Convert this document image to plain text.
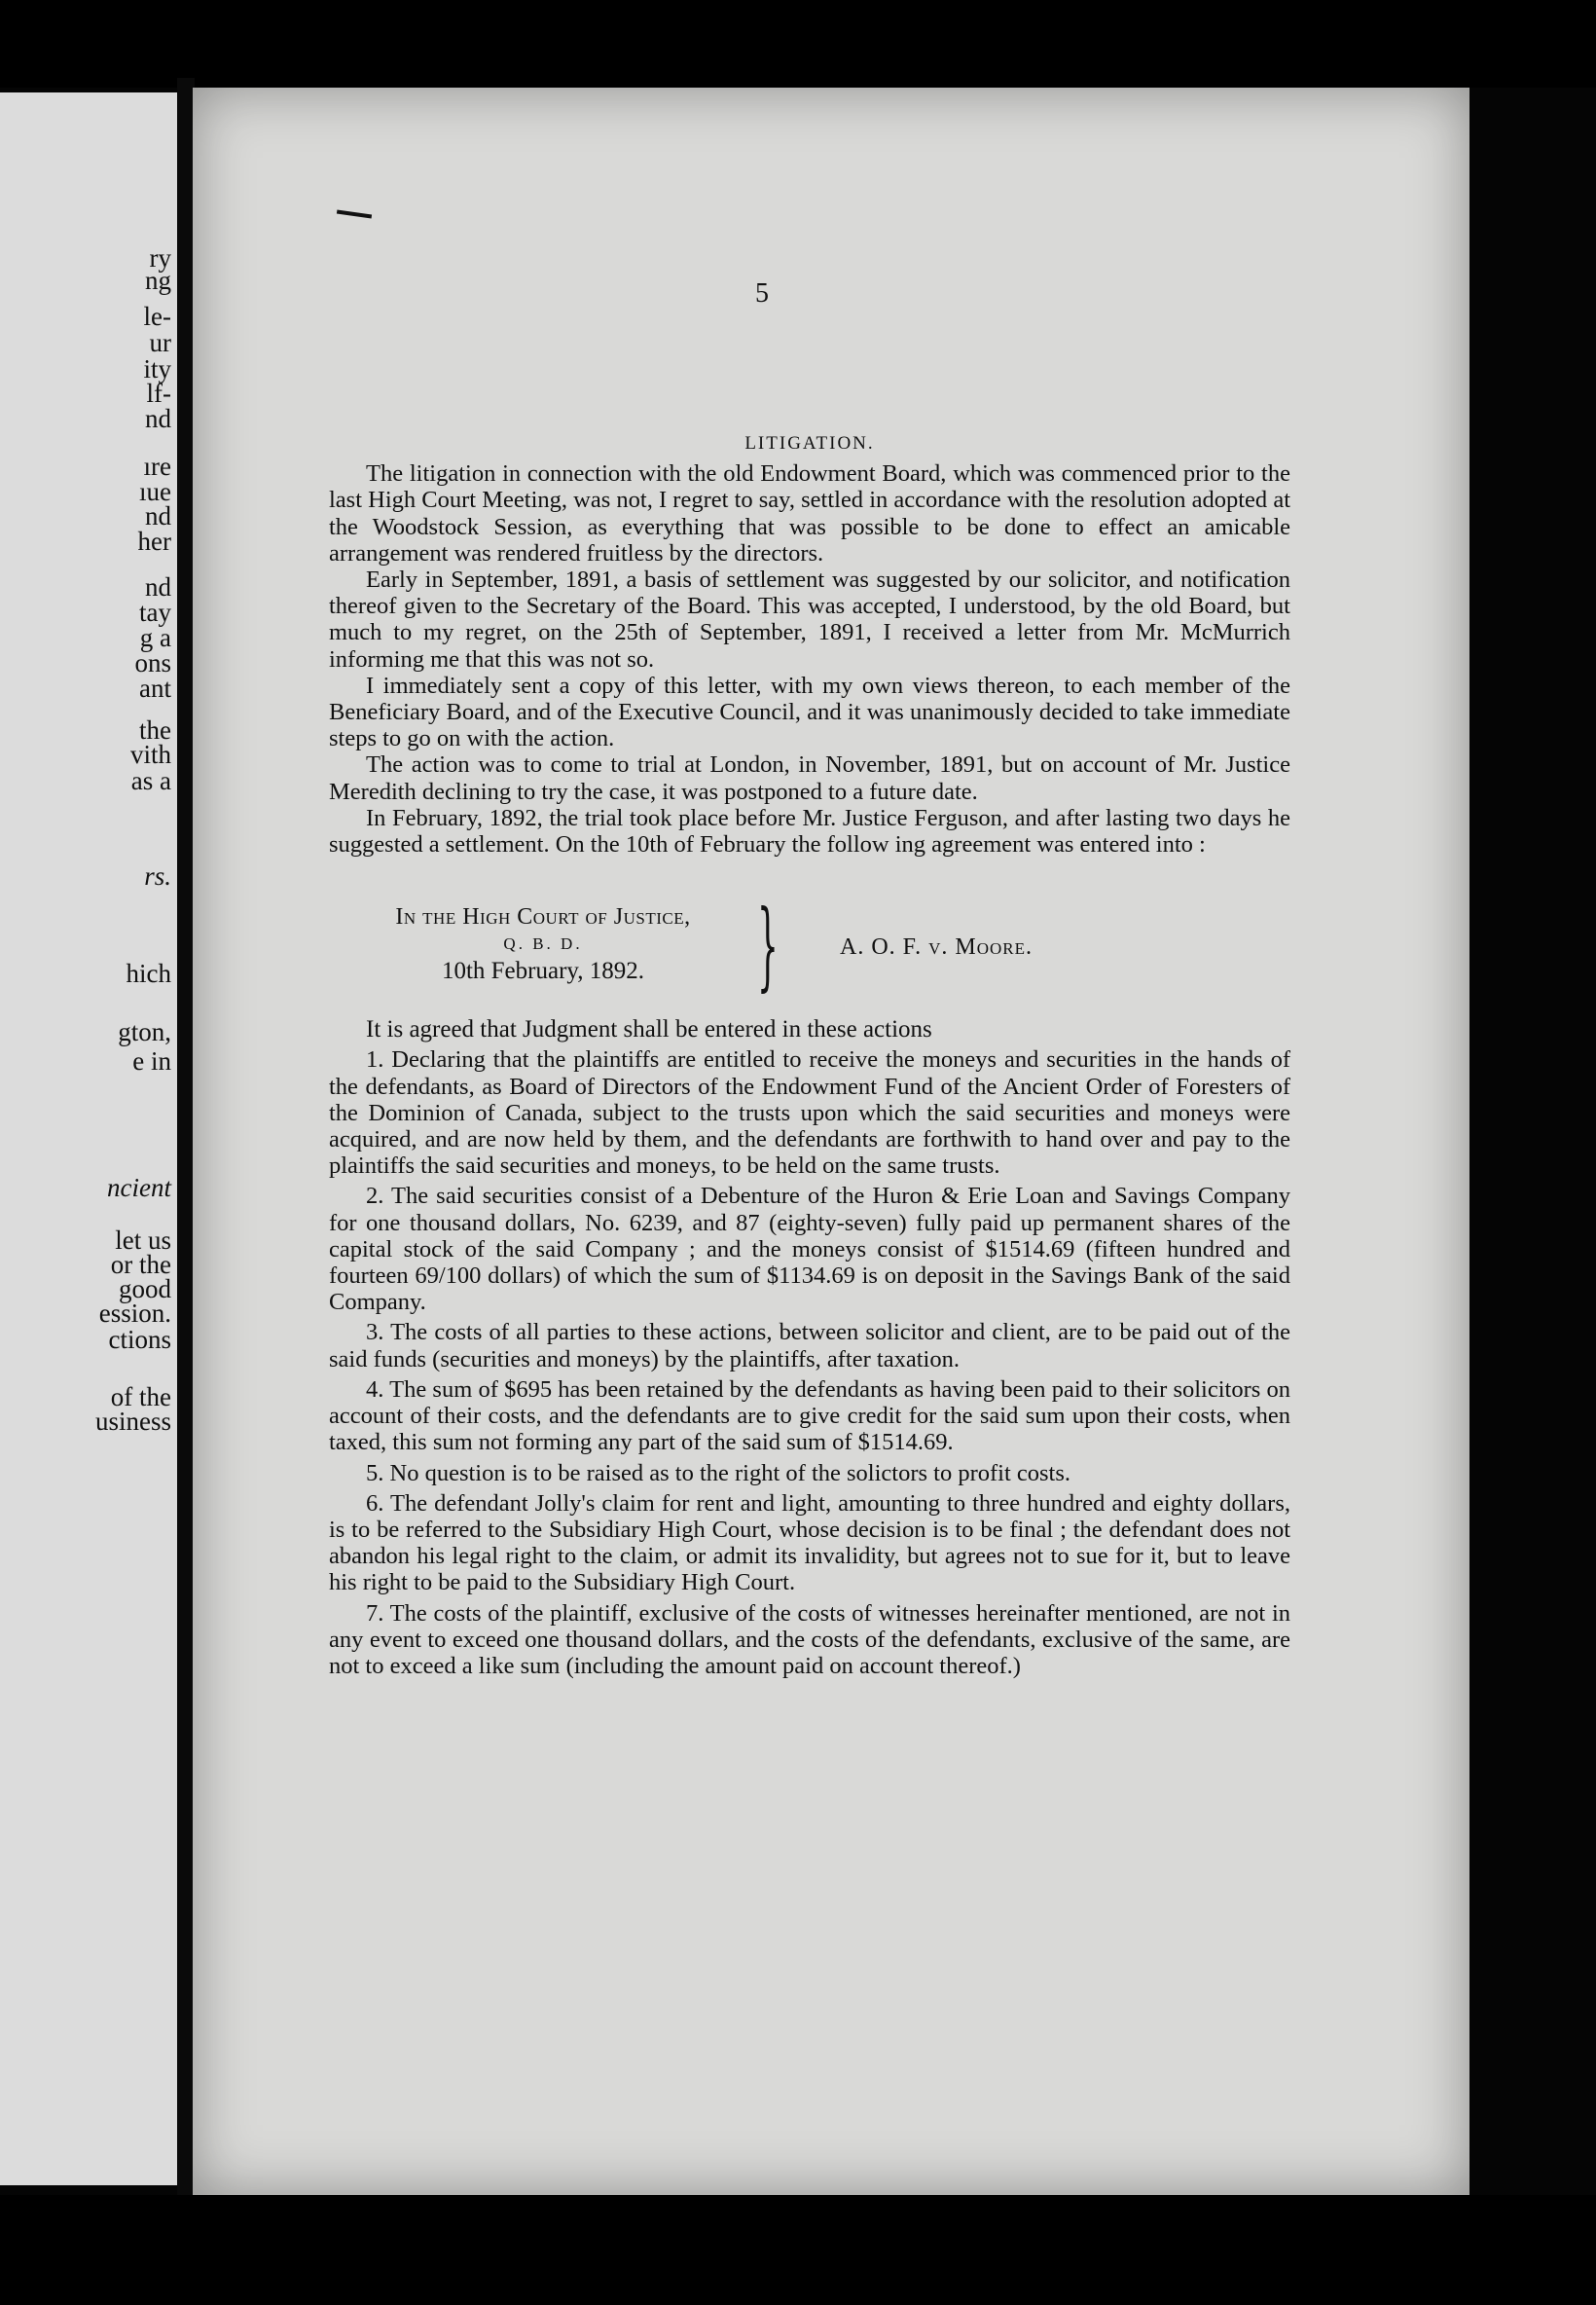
ry
ng
le-
ur
ity
lf-
nd
ıre
ıue
nd
her
nd
tay
g a
ons
ant
the
vith
as a
rs.
hich
gton,
e in
ncient
let us
or the
good
ession.
ctions
of the
usiness
5
LITIGATION.

The litigation in connection with the old Endowment Board, which was commenced prior to the last High Court Meeting, was not, I regret to say, settled in accordance with the resolution adopted at the Woodstock Session, as everything that was possible to be done to effect an amicable arrangement was rendered fruitless by the directors.

Early in September, 1891, a basis of settlement was suggested by our solicitor, and notification thereof given to the Secretary of the Board. This was accepted, I understood, by the old Board, but much to my regret, on the 25th of September, 1891, I received a letter from Mr. McMurrich informing me that this was not so.

I immediately sent a copy of this letter, with my own views thereon, to each member of the Beneficiary Board, and of the Executive Council, and it was unanimously decided to take immediate steps to go on with the action.

The action was to come to trial at London, in November, 1891, but on account of Mr. Justice Meredith declining to try the case, it was postponed to a future date.

In February, 1892, the trial took place before Mr. Justice Ferguson, and after lasting two days he suggested a settlement. On the 10th of February the follow ing agreement was entered into :

In the High Court of Justice,
Q. B. D.
10th February, 1892.	}	A. O. F. v. Moore.

It is agreed that Judgment shall be entered in these actions

1. Declaring that the plaintiffs are entitled to receive the moneys and securities in the hands of the defendants, as Board of Directors of the Endowment Fund of the Ancient Order of Foresters of the Dominion of Canada, subject to the trusts upon which the said securities and moneys were acquired, and are now held by them, and the defendants are forthwith to hand over and pay to the plaintiffs the said securities and moneys, to be held on the same trusts.

2. The said securities consist of a Debenture of the Huron & Erie Loan and Savings Company for one thousand dollars, No. 6239, and 87 (eighty-seven) fully paid up permanent shares of the capital stock of the said Company ; and the moneys consist of $1514.69 (fifteen hundred and fourteen 69/100 dollars) of which the sum of $1134.69 is on deposit in the Savings Bank of the said Company.

3. The costs of all parties to these actions, between solicitor and client, are to be paid out of the said funds (securities and moneys) by the plaintiffs, after taxation.

4. The sum of $695 has been retained by the defendants as having been paid to their solicitors on account of their costs, and the defendants are to give credit for the said sum upon their costs, when taxed, this sum not forming any part of the said sum of $1514.69.

5. No question is to be raised as to the right of the solictors to profit costs.

6. The defendant Jolly's claim for rent and light, amounting to three hundred and eighty dollars, is to be referred to the Subsidiary High Court, whose decision is to be final ; the defendant does not abandon his legal right to the claim, or admit its invalidity, but agrees not to sue for it, but to leave his right to be paid to the Subsidiary High Court.

7. The costs of the plaintiff, exclusive of the costs of witnesses hereinafter mentioned, are not in any event to exceed one thousand dollars, and the costs of the defendants, exclusive of the same, are not to exceed a like sum (including the amount paid on account thereof.)
